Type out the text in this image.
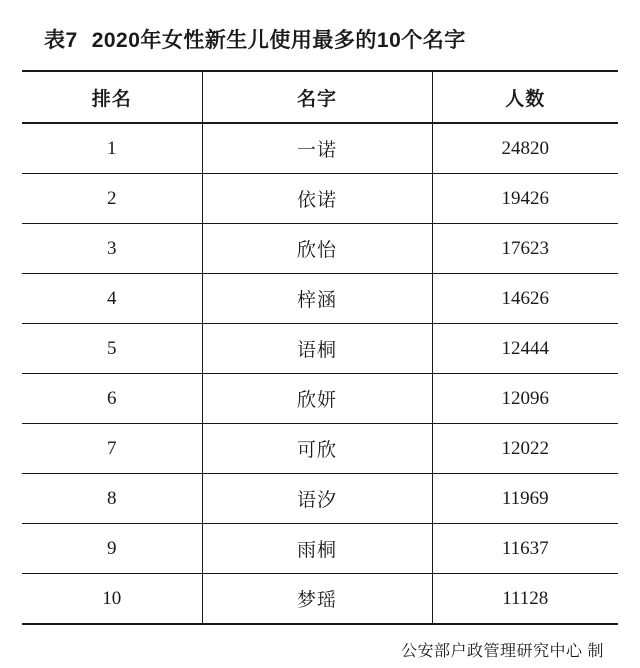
表7 2020年女性新生儿使用最多的10个名字
排名	名字	人数
1	一诺	24820
2	依诺	19426
3	欣怡	17623
4	梓涵	14626
5	语桐	12444
6	欣妍	12096
7	可欣	12022
8	语汐	11969
9	雨桐	11637
10	梦瑶	11128
公安部户政管理研究中心 制
